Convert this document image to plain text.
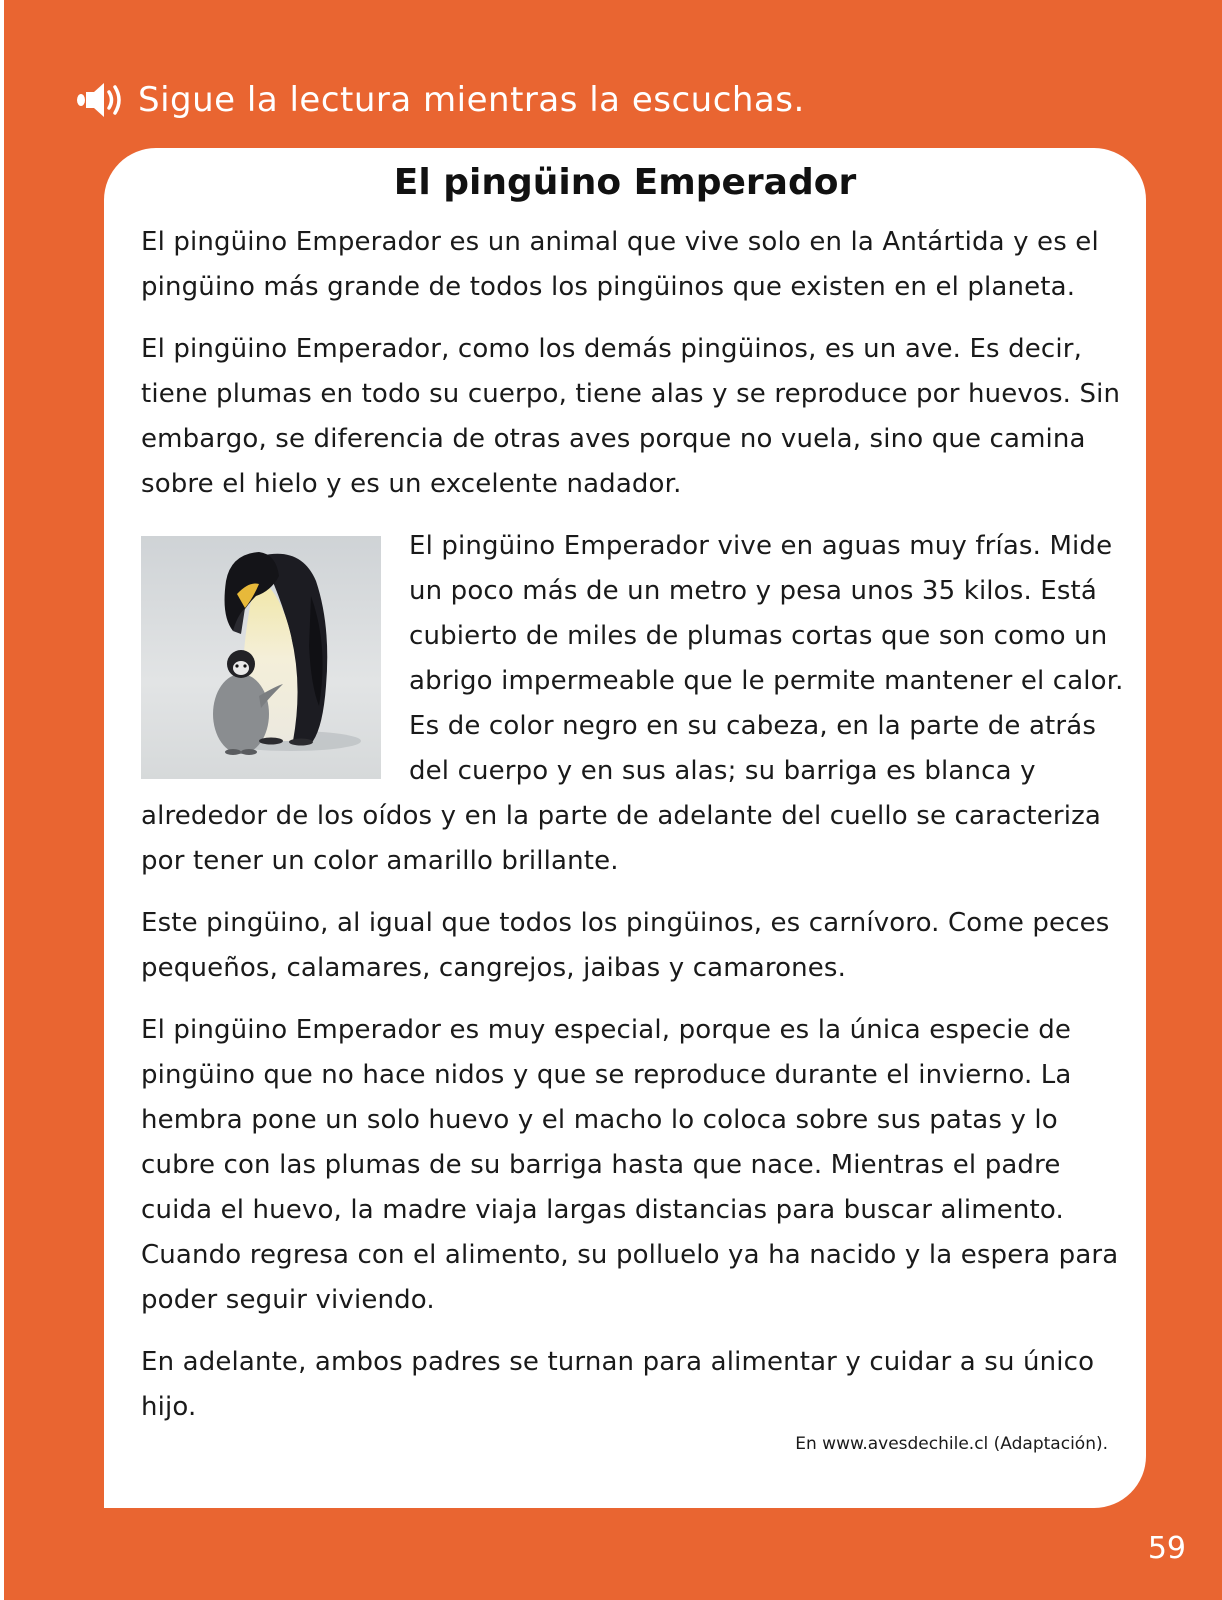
Sigue la lectura mientras la escuchas.
El pingüino Emperador

El pingüino Emperador es un animal que vive solo en la Antártida y es el pingüino más grande de todos los pingüinos que existen en el planeta.

El pingüino Emperador, como los demás pingüinos, es un ave. Es decir, tiene plumas en todo su cuerpo, tiene alas y se reproduce por huevos. Sin embargo, se diferencia de otras aves porque no vuela, sino que camina sobre el hielo y es un excelente nadador.

El pingüino Emperador vive en aguas muy frías. Mide un poco más de un metro y pesa unos 35 kilos. Está cubierto de miles de plumas cortas que son como un abrigo impermeable que le permite mantener el calor. Es de color negro en su cabeza, en la parte de atrás del cuerpo y en sus alas; su barriga es blanca y alrededor de los oídos y en la parte de adelante del cuello se caracteriza por tener un color amarillo brillante.

Este pingüino, al igual que todos los pingüinos, es carnívoro. Come peces pequeños, calamares, cangrejos, jaibas y camarones.

El pingüino Emperador es muy especial, porque es la única especie de pingüino que no hace nidos y que se reproduce durante el invierno. La hembra pone un solo huevo y el macho lo coloca sobre sus patas y lo cubre con las plumas de su barriga hasta que nace. Mientras el padre cuida el huevo, la madre viaja largas distancias para buscar alimento. Cuando regresa con el alimento, su polluelo ya ha nacido y la espera para poder seguir viviendo.

En adelante, ambos padres se turnan para alimentar y cuidar a su único hijo.

En www.avesdechile.cl (Adaptación).
59
